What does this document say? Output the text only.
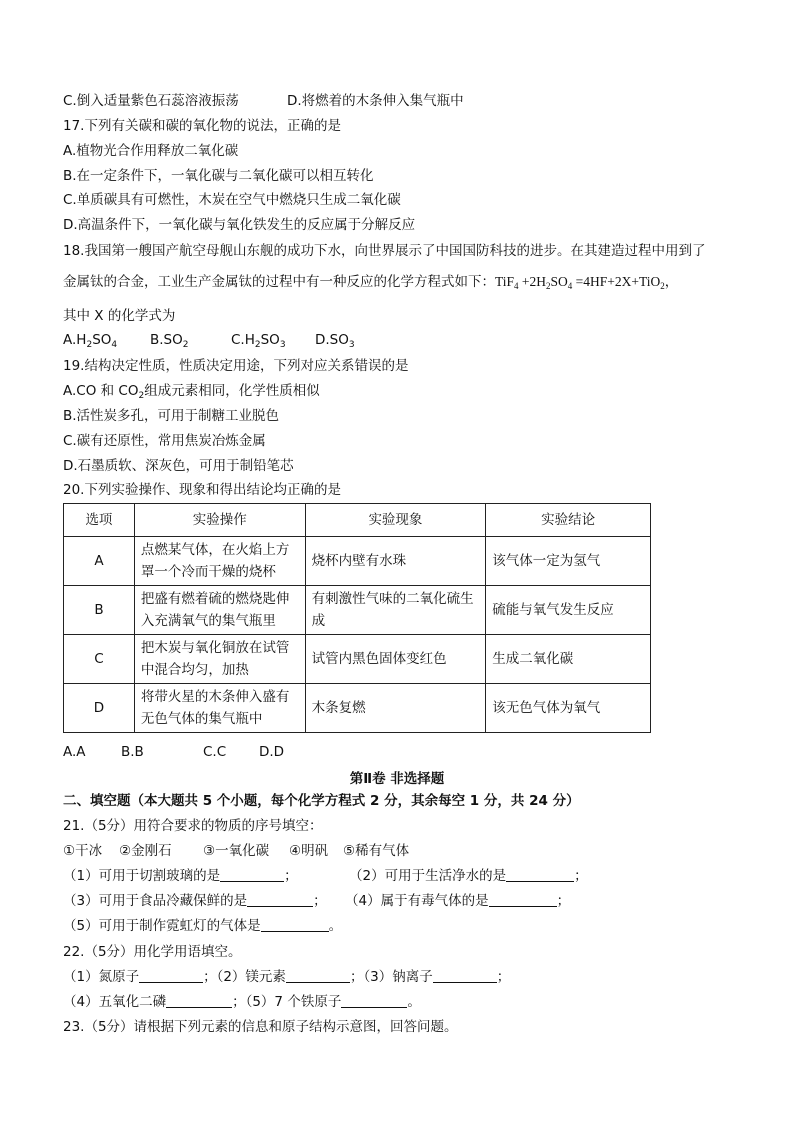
C.倒入适量紫色石蕊溶液振荡	D.将燃着的木条伸入集气瓶中
17.下列有关碳和碳的氧化物的说法，正确的是
A.植物光合作用释放二氧化碳
B.在一定条件下，一氧化碳与二氧化碳可以相互转化
C.单质碳具有可燃性，木炭在空气中燃烧只生成二氧化碳
D.高温条件下，一氧化碳与氧化铁发生的反应属于分解反应
18.我国第一艘国产航空母舰山东舰的成功下水，向世界展示了中国国防科技的进步。在其建造过程中用到了
金属钛的合金，工业生产金属钛的过程中有一种反应的化学方程式如下：$TiF_4 +2H_2SO_4 =4HF+2X+TiO_2$，
其中 X 的化学式为
$A.H_2SO_4$ $B.SO_2$	$C.H_2SO_3$ $D.SO_3$
19.结构决定性质，性质决定用途，下列对应关系错误的是
A.CO 和 $CO_2$组成元素相同，化学性质相似
B.活性炭多孔，可用于制糖工业脱色
C.碳有还原性，常用焦炭冶炼金属
D.石墨质软、深灰色，可用于制铅笔芯
20.下列实验操作、现象和得出结论均正确的是
选项	实验操作	实验现象	实验结论
A	点燃某气体，在火焰上方罩一个冷而干燥的烧杯	烧杯内壁有水珠	该气体一定为氢气
B	把盛有燃着硫的燃烧匙伸入充满氧气的集气瓶里	有刺激性气味的二氧化硫生成	硫能与氧气发生反应
C	把木炭与氧化铜放在试管中混合均匀，加热	试管内黑色固体变红色	生成二氧化碳
D	将带火星的木条伸入盛有无色气体的集气瓶中	木条复燃	该无色气体为氧气
A.A	B.B	C.C D.D
第Ⅱ卷 非选择题
二、填空题（本大题共 5 个小题，每个化学方程式 2 分，其余每空 1 分，共 24 分）
21.（5分）用符合要求的物质的序号填空：
①干冰 ②金刚石 ③一氧化碳 ④明矾 ⑤稀有气体
（1）可用于切割玻璃的是	；	（2）可用于生活净水的是	；
（3）可用于食品冷藏保鲜的是	； （4）属于有毒气体的是	；
（5）可用于制作霓虹灯的气体是	。
22.（5分）用化学用语填空。
（1）氮原子	；（2）镁元素	；（3）钠离子	；
（4）五氧化二磷	；（5）7 个铁原子	。
23.（5分）请根据下列元素的信息和原子结构示意图，回答问题。
